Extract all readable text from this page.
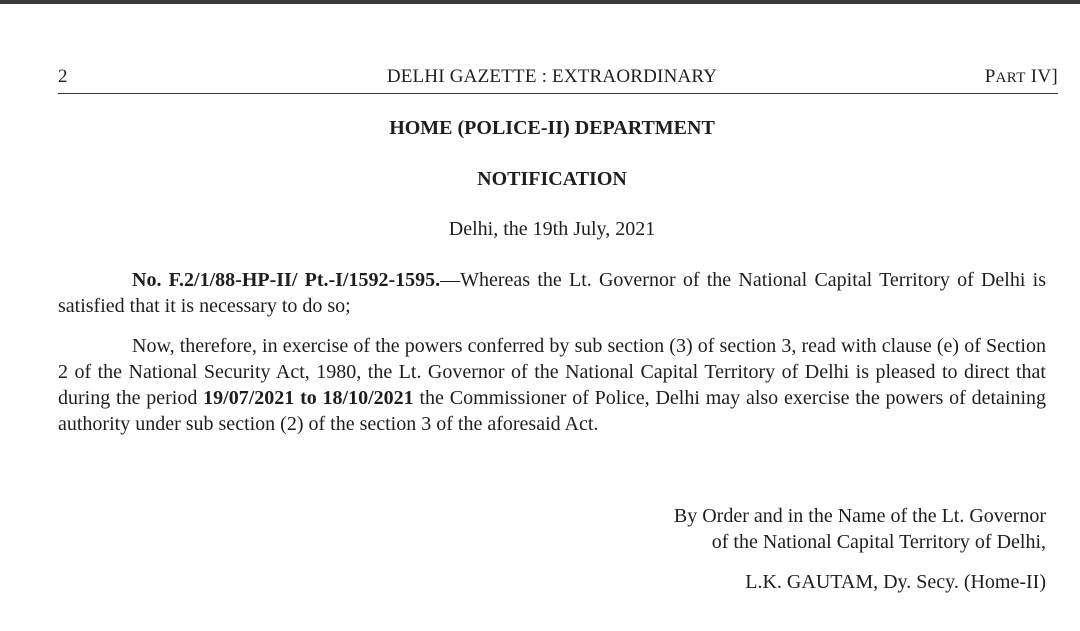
2	DELHI GAZETTE : EXTRAORDINARY	PART IV]
HOME (POLICE-II) DEPARTMENT
NOTIFICATION
Delhi, the 19th July, 2021
No. F.2/1/88-HP-II/ Pt.-I/1592-1595.—Whereas the Lt. Governor of the National Capital Territory of Delhi is satisfied that it is necessary to do so;
Now, therefore, in exercise of the powers conferred by sub section (3) of section 3, read with clause (e) of Section 2 of the National Security Act, 1980, the Lt. Governor of the National Capital Territory of Delhi is pleased to direct that during the period 19/07/2021 to 18/10/2021 the Commissioner of Police, Delhi may also exercise the powers of detaining authority under sub section (2) of the section 3 of the aforesaid Act.
By Order and in the Name of the Lt. Governor
of the National Capital Territory of Delhi,
L.K. GAUTAM, Dy. Secy. (Home-II)
